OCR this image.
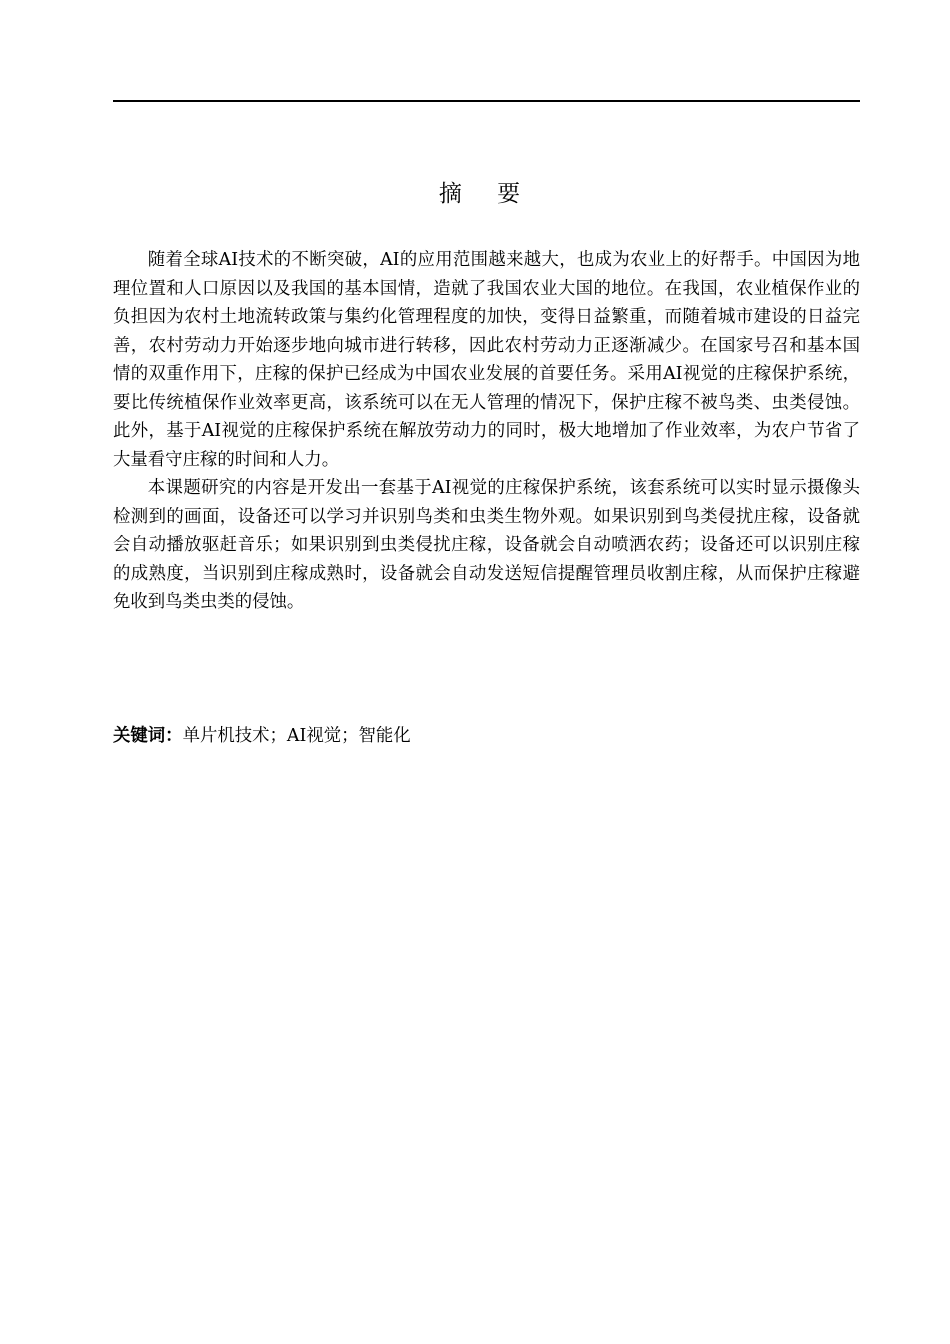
摘 要

随着全球AI技术的不断突破，AI的应用范围越来越大，也成为农业上的好帮手。中国因为地理位置和人口原因以及我国的基本国情，造就了我国农业大国的地位。在我国，农业植保作业的负担因为农村土地流转政策与集约化管理程度的加快，变得日益繁重，而随着城市建设的日益完善，农村劳动力开始逐步地向城市进行转移，因此农村劳动力正逐渐减少。在国家号召和基本国情的双重作用下，庄稼的保护已经成为中国农业发展的首要任务。采用AI视觉的庄稼保护系统，要比传统植保作业效率更高，该系统可以在无人管理的情况下，保护庄稼不被鸟类、虫类侵蚀。此外，基于AI视觉的庄稼保护系统在解放劳动力的同时，极大地增加了作业效率，为农户节省了大量看守庄稼的时间和人力。

本课题研究的内容是开发出一套基于AI视觉的庄稼保护系统，该套系统可以实时显示摄像头检测到的画面，设备还可以学习并识别鸟类和虫类生物外观。如果识别到鸟类侵扰庄稼，设备就会自动播放驱赶音乐；如果识别到虫类侵扰庄稼，设备就会自动喷洒农药；设备还可以识别庄稼的成熟度，当识别到庄稼成熟时，设备就会自动发送短信提醒管理员收割庄稼，从而保护庄稼避免收到鸟类虫类的侵蚀。

关键词：单片机技术；AI视觉；智能化
